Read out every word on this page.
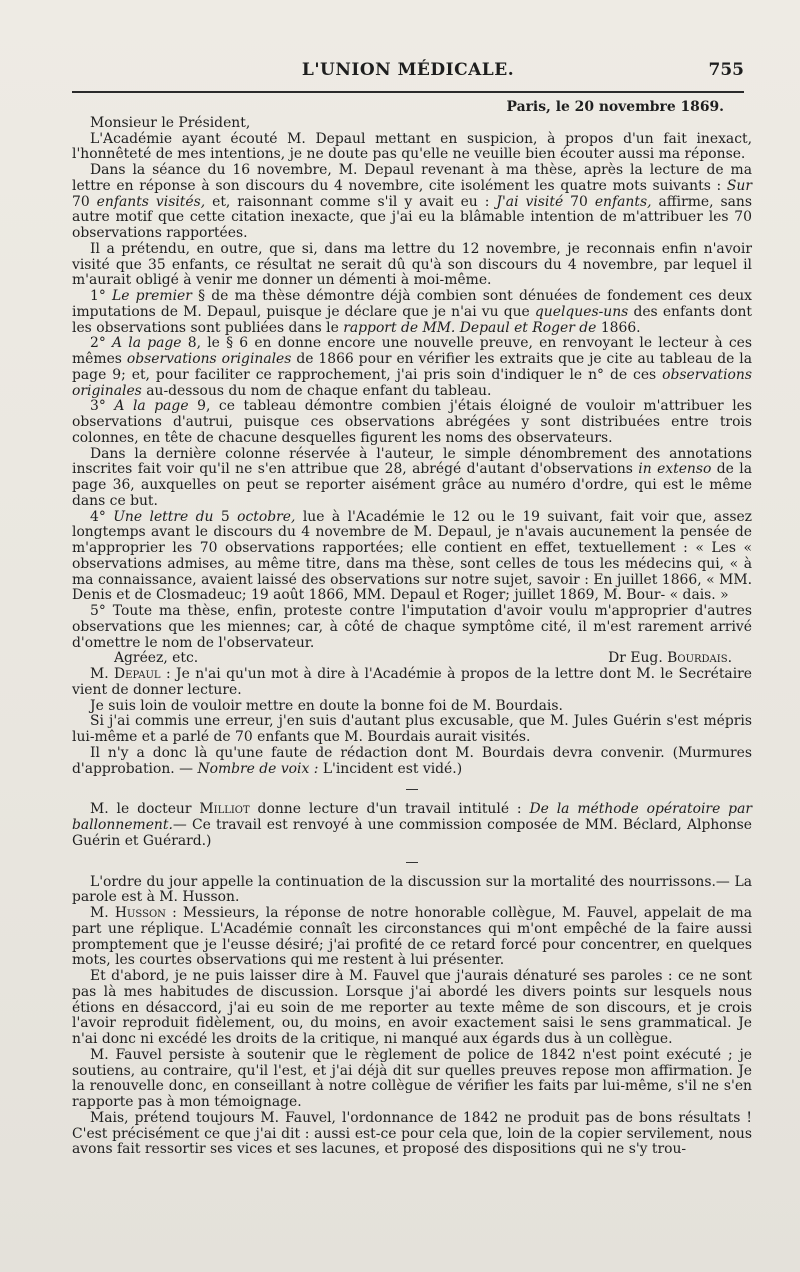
L'UNION MÉDICALE.	755

Paris, le 20 novembre 1869.

Monsieur le Président,

L'Académie ayant écouté M. Depaul mettant en suspicion, à propos d'un fait inexact, l'honnêteté de mes intentions, je ne doute pas qu'elle ne veuille bien écouter aussi ma réponse.

Dans la séance du 16 novembre, M. Depaul revenant à ma thèse, après la lecture de ma lettre en réponse à son discours du 4 novembre, cite isolément les quatre mots suivants : Sur 70 enfants visités, et, raisonnant comme s'il y avait eu : J'ai visité 70 enfants, affirme, sans autre motif que cette citation inexacte, que j'ai eu la blâmable intention de m'attribuer les 70 observations rapportées.

Il a prétendu, en outre, que si, dans ma lettre du 12 novembre, je reconnais enfin n'avoir visité que 35 enfants, ce résultat ne serait dû qu'à son discours du 4 novembre, par lequel il m'aurait obligé à venir me donner un démenti à moi-même.

1° Le premier § de ma thèse démontre déjà combien sont dénuées de fondement ces deux imputations de M. Depaul, puisque je déclare que je n'ai vu que quelques-uns des enfants dont les observations sont publiées dans le rapport de MM. Depaul et Roger de 1866.

2° A la page 8, le § 6 en donne encore une nouvelle preuve, en renvoyant le lecteur à ces mêmes observations originales de 1866 pour en vérifier les extraits que je cite au tableau de la page 9; et, pour faciliter ce rapprochement, j'ai pris soin d'indiquer le n° de ces observations originales au-dessous du nom de chaque enfant du tableau.

3° A la page 9, ce tableau démontre combien j'étais éloigné de vouloir m'attribuer les observations d'autrui, puisque ces observations abrégées y sont distribuées entre trois colonnes, en tête de chacune desquelles figurent les noms des observateurs.

Dans la dernière colonne réservée à l'auteur, le simple dénombrement des annotations inscrites fait voir qu'il ne s'en attribue que 28, abrégé d'autant d'observations in extenso de la page 36, auxquelles on peut se reporter aisément grâce au numéro d'ordre, qui est le même dans ce but.

4° Une lettre du 5 octobre, lue à l'Académie le 12 ou le 19 suivant, fait voir que, assez longtemps avant le discours du 4 novembre de M. Depaul, je n'avais aucunement la pensée de m'approprier les 70 observations rapportées; elle contient en effet, textuellement : « Les « observations admises, au même titre, dans ma thèse, sont celles de tous les médecins qui, « à ma connaissance, avaient laissé des observations sur notre sujet, savoir : En juillet 1866, « MM. Denis et de Closmadeuc; 19 août 1866, MM. Depaul et Roger; juillet 1869, M. Bour- « dais. »

5° Toute ma thèse, enfin, proteste contre l'imputation d'avoir voulu m'approprier d'autres observations que les miennes; car, à côté de chaque symptôme cité, il m'est rarement arrivé d'omettre le nom de l'observateur.

Agréez, etc.	Dr Eug. Bourdais.

M. Depaul : Je n'ai qu'un mot à dire à l'Académie à propos de la lettre dont M. le Secrétaire vient de donner lecture.

Je suis loin de vouloir mettre en doute la bonne foi de M. Bourdais.

Si j'ai commis une erreur, j'en suis d'autant plus excusable, que M. Jules Guérin s'est mépris lui-même et a parlé de 70 enfants que M. Bourdais aurait visités.

Il n'y a donc là qu'une faute de rédaction dont M. Bourdais devra convenir. (Murmures d'approbation. — Nombre de voix : L'incident est vidé.)

M. le docteur Milliot donne lecture d'un travail intitulé : De la méthode opératoire par ballonnement.— Ce travail est renvoyé à une commission composée de MM. Béclard, Alphonse Guérin et Guérard.)

L'ordre du jour appelle la continuation de la discussion sur la mortalité des nourrissons.— La parole est à M. Husson.

M. Husson : Messieurs, la réponse de notre honorable collègue, M. Fauvel, appelait de ma part une réplique. L'Académie connaît les circonstances qui m'ont empêché de la faire aussi promptement que je l'eusse désiré; j'ai profité de ce retard forcé pour concentrer, en quelques mots, les courtes observations qui me restent à lui présenter.

Et d'abord, je ne puis laisser dire à M. Fauvel que j'aurais dénaturé ses paroles : ce ne sont pas là mes habitudes de discussion. Lorsque j'ai abordé les divers points sur lesquels nous étions en désaccord, j'ai eu soin de me reporter au texte même de son discours, et je crois l'avoir reproduit fidèlement, ou, du moins, en avoir exactement saisi le sens grammatical. Je n'ai donc ni excédé les droits de la critique, ni manqué aux égards dus à un collègue.

M. Fauvel persiste à soutenir que le règlement de police de 1842 n'est point exécuté ; je soutiens, au contraire, qu'il l'est, et j'ai déjà dit sur quelles preuves repose mon affirmation. Je la renouvelle donc, en conseillant à notre collègue de vérifier les faits par lui-même, s'il ne s'en rapporte pas à mon témoignage.

Mais, prétend toujours M. Fauvel, l'ordonnance de 1842 ne produit pas de bons résultats ! C'est précisément ce que j'ai dit : aussi est-ce pour cela que, loin de la copier servilement, nous avons fait ressortir ses vices et ses lacunes, et proposé des dispositions qui ne s'y trou-
